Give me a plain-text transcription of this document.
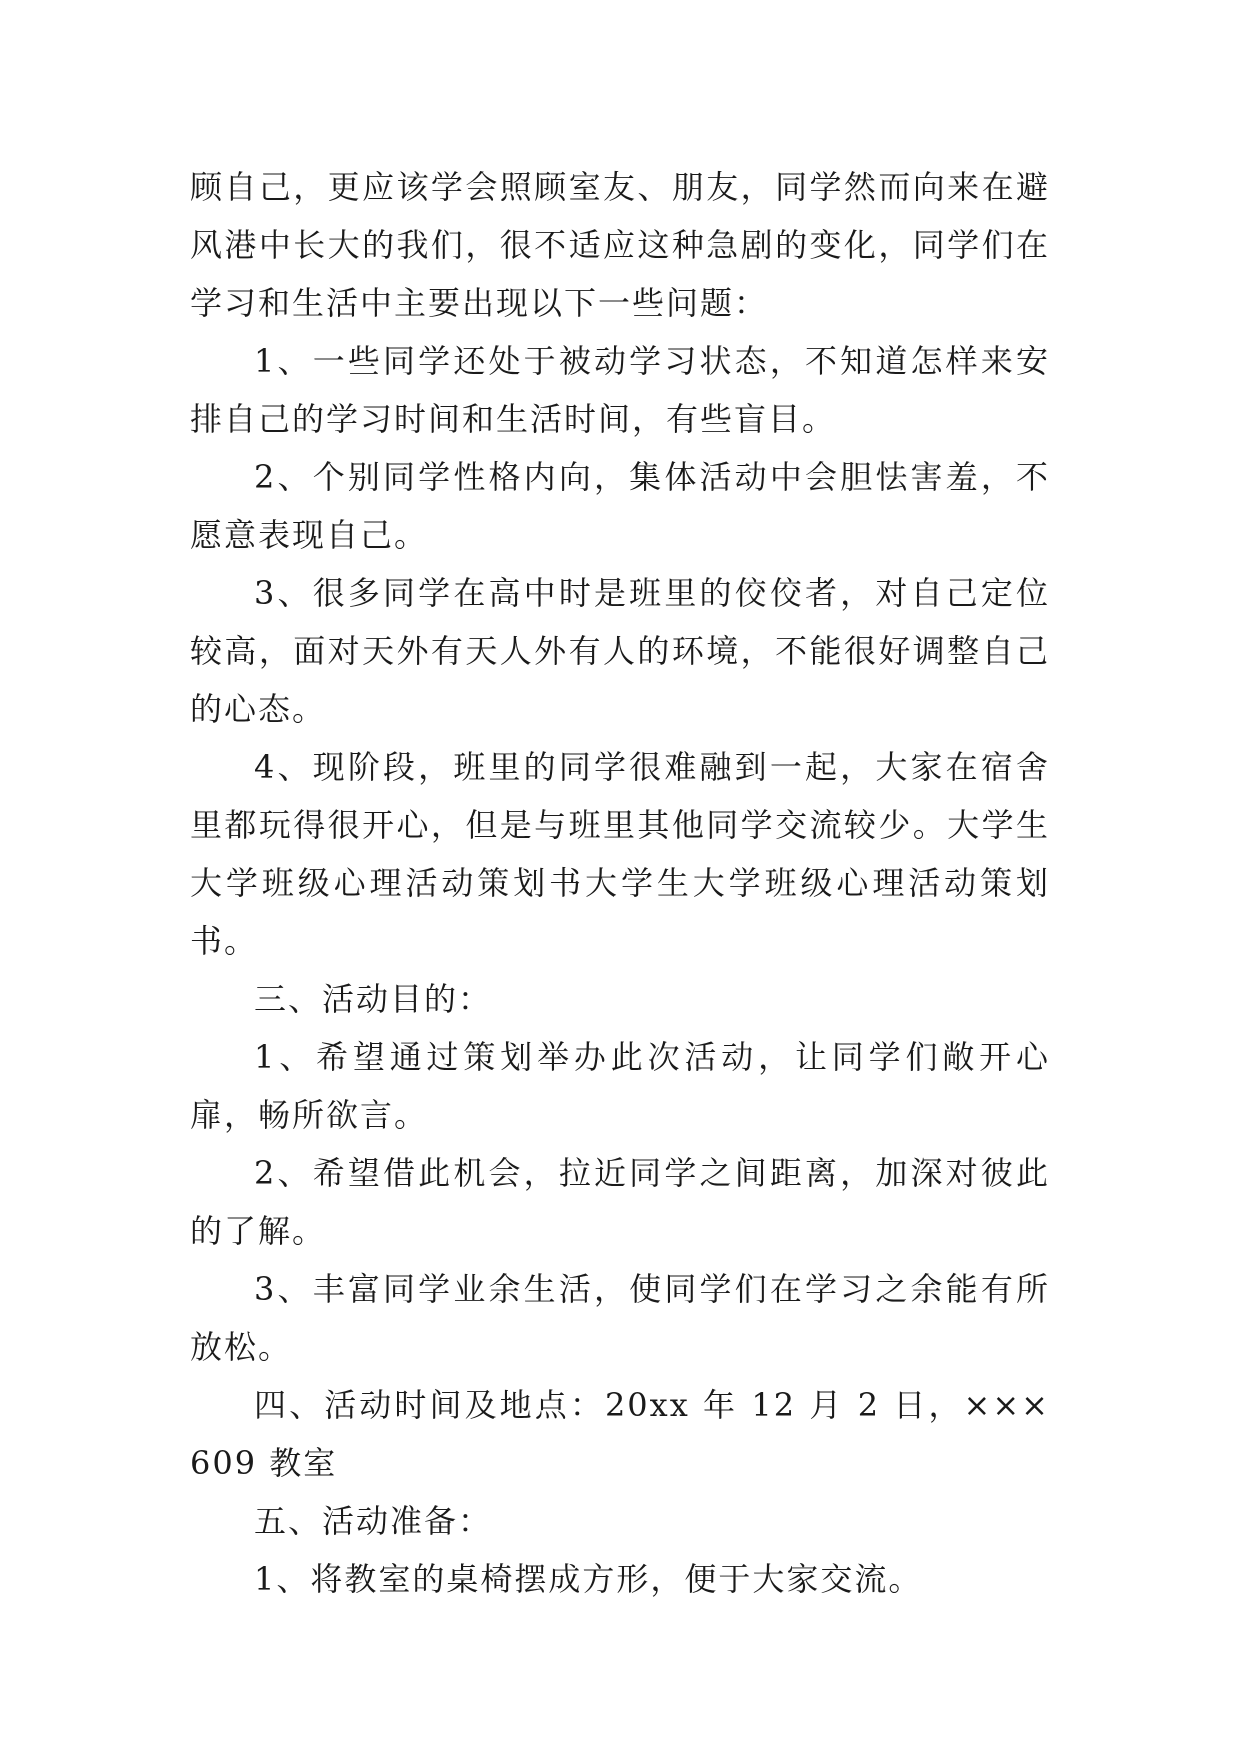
顾自己，更应该学会照顾室友、朋友，同学然而向来在避风港中长大的我们，很不适应这种急剧的变化，同学们在学习和生活中主要出现以下一些问题：

1、一些同学还处于被动学习状态，不知道怎样来安排自己的学习时间和生活时间，有些盲目。

2、个别同学性格内向，集体活动中会胆怯害羞，不愿意表现自己。

3、很多同学在高中时是班里的佼佼者，对自己定位较高，面对天外有天人外有人的环境，不能很好调整自己的心态。

4、现阶段，班里的同学很难融到一起，大家在宿舍里都玩得很开心，但是与班里其他同学交流较少。大学生大学班级心理活动策划书大学生大学班级心理活动策划书。

三、活动目的：

1、希望通过策划举办此次活动，让同学们敞开心扉，畅所欲言。

2、希望借此机会，拉近同学之间距离，加深对彼此的了解。

3、丰富同学业余生活，使同学们在学习之余能有所放松。

四、活动时间及地点：20xx 年 12 月 2 日，×××609 教室

五、活动准备：

1、将教室的桌椅摆成方形，便于大家交流。
